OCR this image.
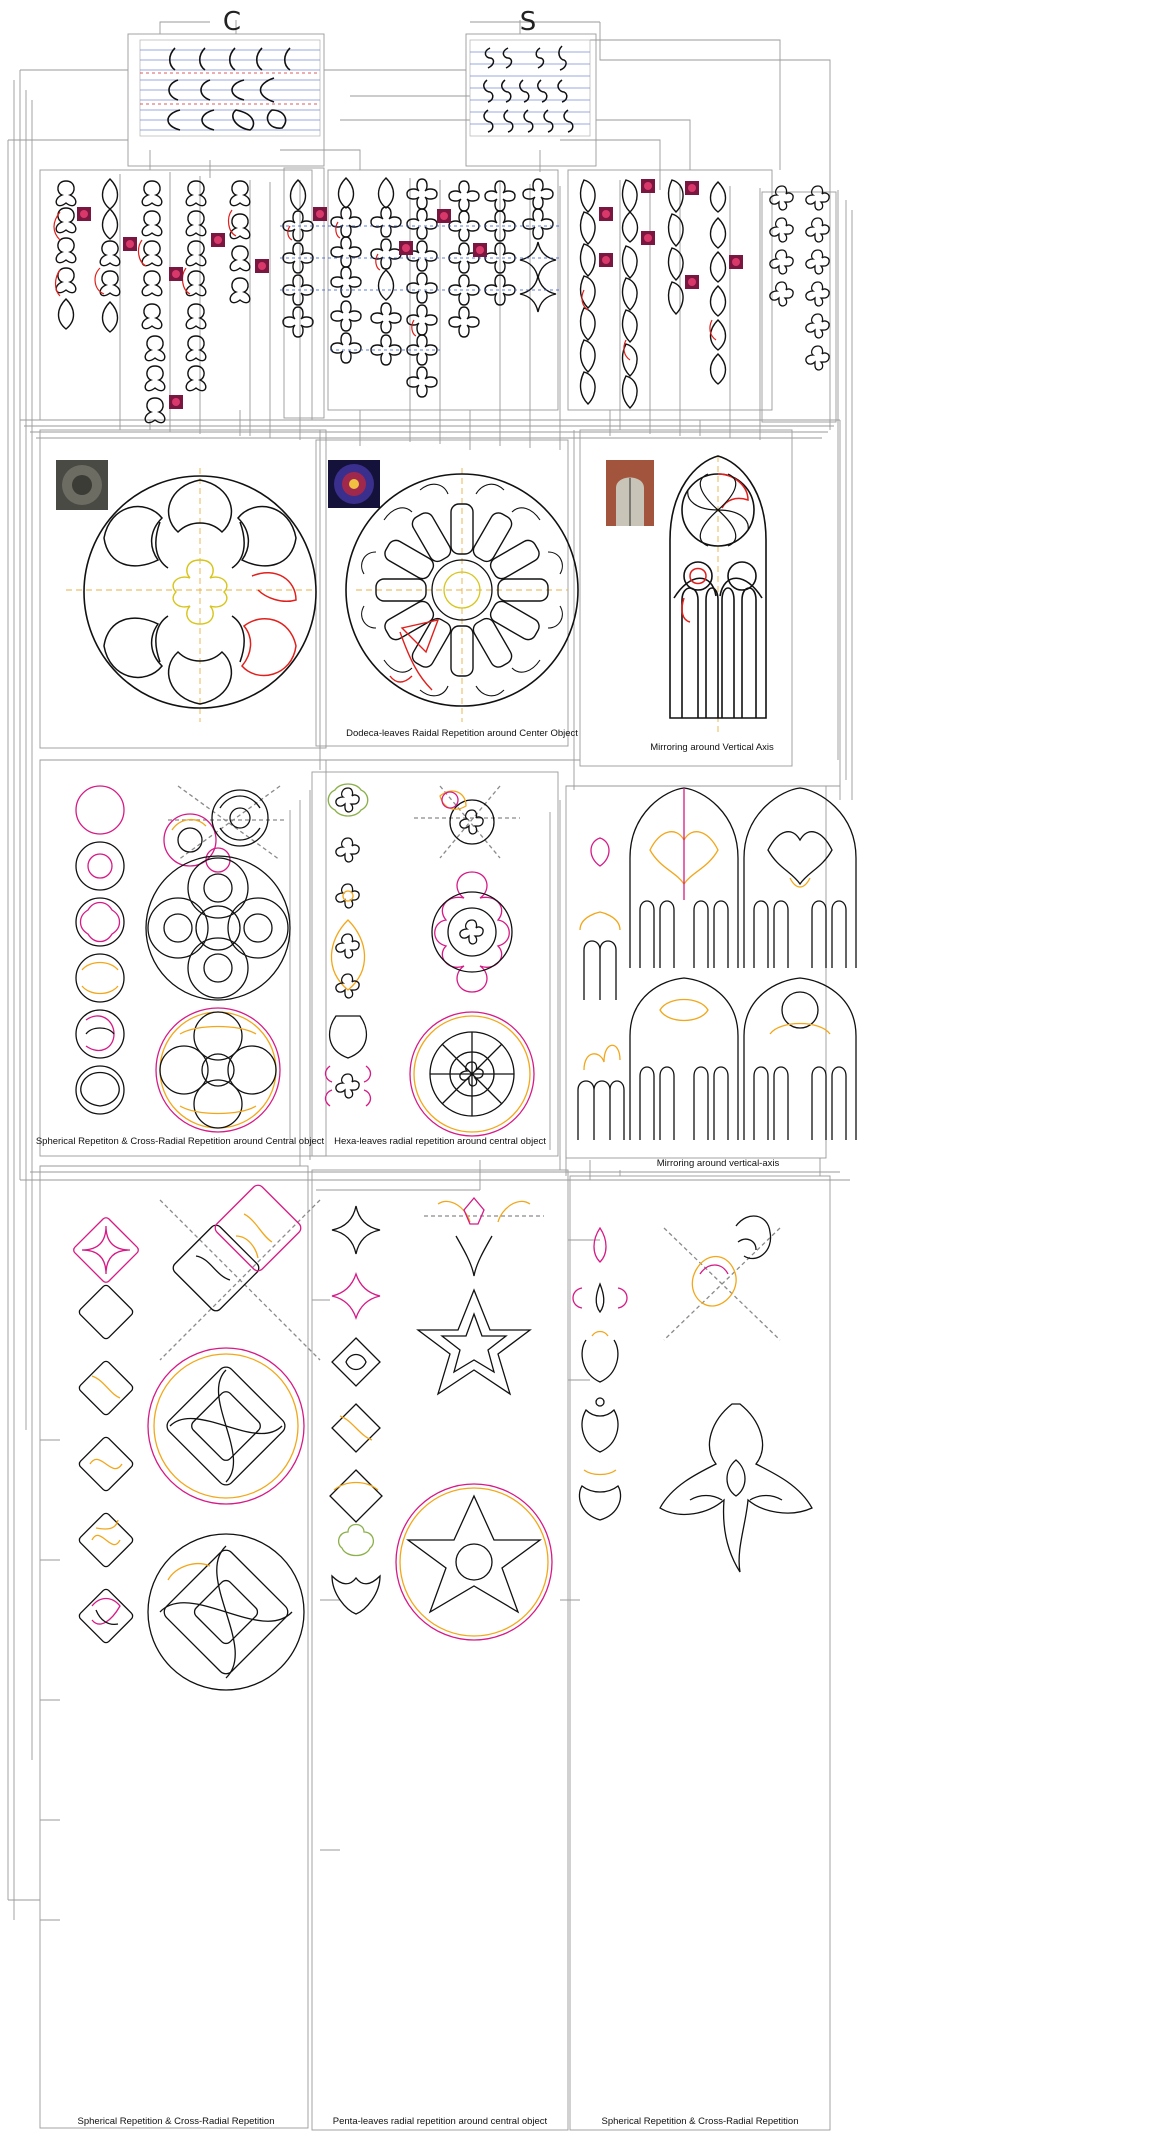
Dodeca-leaves Raidal Repetition around Center Object
Mirroring around Vertical Axis
Spherical Repetiton & Cross-Radial Repetition around Central object Hexa-leaves radial repetition around central object
Mirroring around vertical-axis
Spherical Repetition & Cross-Radial Repetition	Penta-leaves radial repetition around central object	Spherical Repetition & Cross-Radial Repetition
C	S
